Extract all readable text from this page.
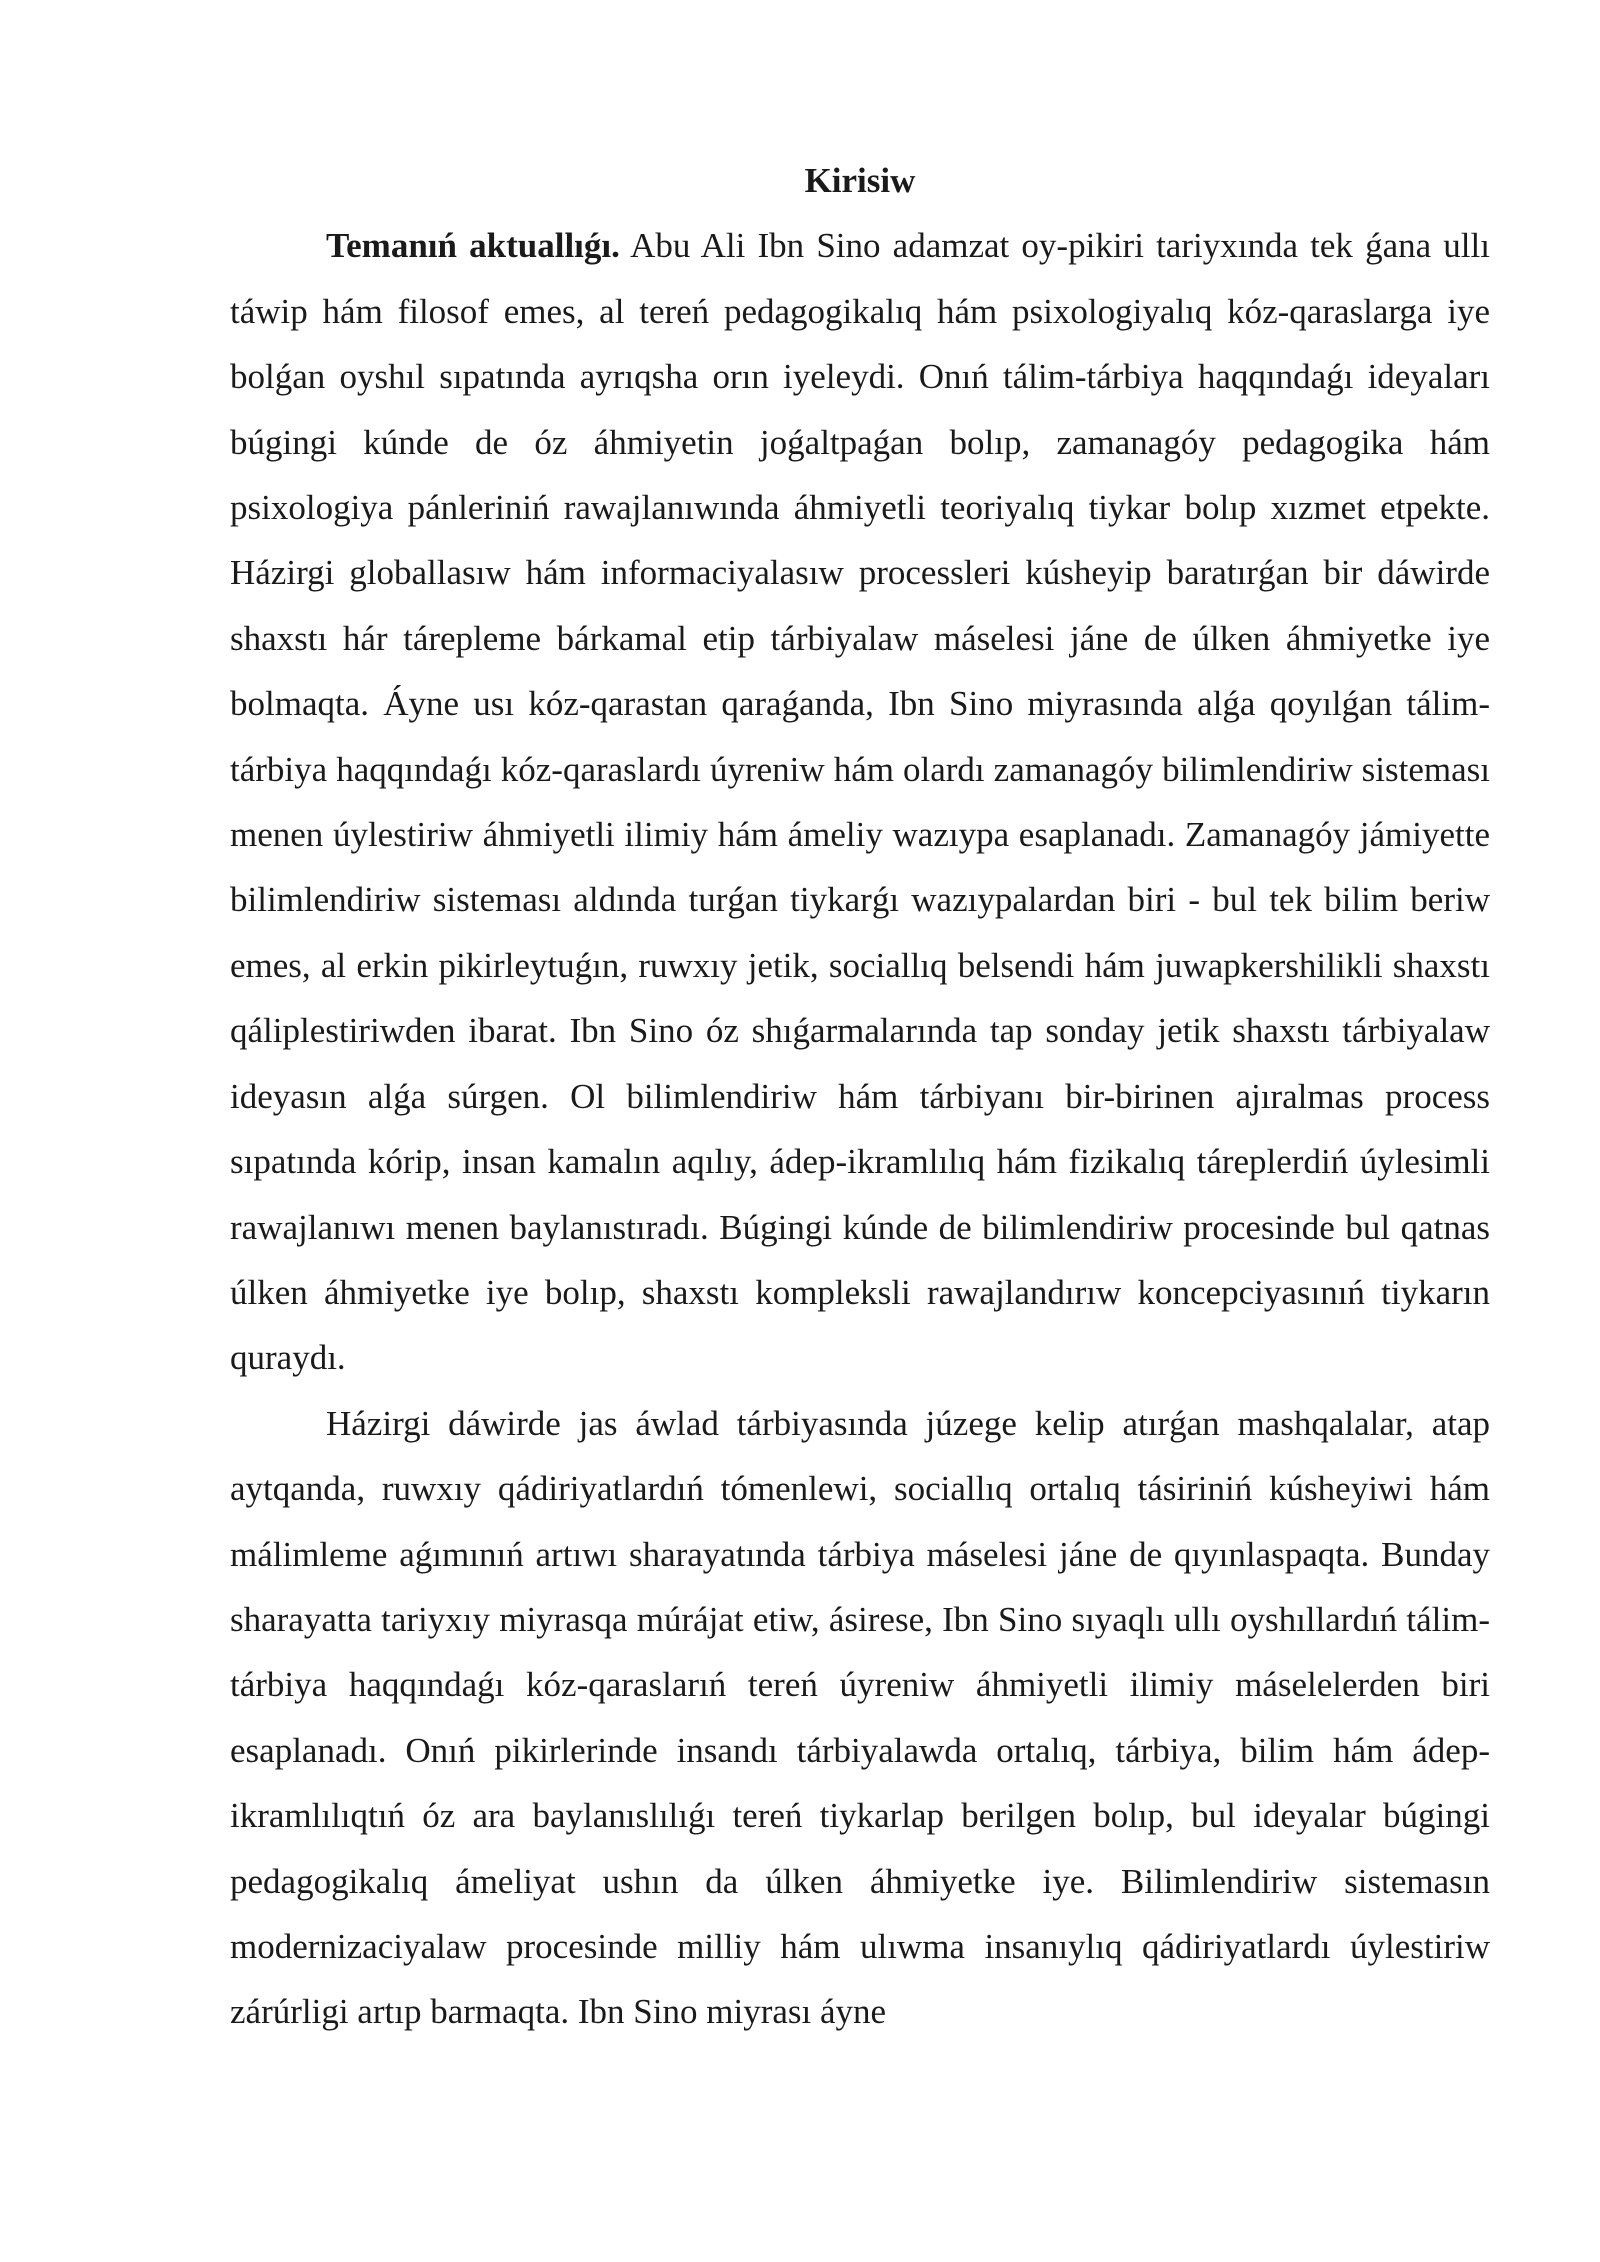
Kirisiw

Temanıń aktuallıǵı. Abu Ali Ibn Sino adamzat oy-pikiri tariyxında tek ǵana ullı táwip hám filosof emes, al tereń pedagogikalıq hám psixologiyalıq kóz-qaraslarga iye bolǵan oyshıl sıpatında ayrıqsha orın iyeleydi. Onıń tálim-tárbiya haqqındaǵı ideyaları búgingi kúnde de óz áhmiyetin joǵaltpaǵan bolıp, zamanagóy pedagogika hám psixologiya pánleriniń rawajlanıwında áhmiyetli teoriyalıq tiykar bolıp xızmet etpekte. Házirgi globallasıw hám informaciyalasıw processleri kúsheyip baratırǵan bir dáwirde shaxstı hár tárepleme bárkamal etip tárbiyalaw máselesi jáne de úlken áhmiyetke iye bolmaqta. Áyne usı kóz-qarastan qaraǵanda, Ibn Sino miyrasında alǵa qoyılǵan tálim-tárbiya haqqındaǵı kóz-qaraslardı úyreniw hám olardı zamanagóy bilimlendiriw sisteması menen úylestiriw áhmiyetli ilimiy hám ámeliy wazıypa esaplanadı. Zamanagóy jámiyette bilimlendiriw sisteması aldında turǵan tiykarǵı wazıypalardan biri - bul tek bilim beriw emes, al erkin pikirleytuǵın, ruwxıy jetik, sociallıq belsendi hám juwapkershilikli shaxstı qáliplestiriwden ibarat. Ibn Sino óz shıǵarmalarında tap sonday jetik shaxstı tárbiyalaw ideyasın alǵa súrgen. Ol bilimlendiriw hám tárbiyanı bir-birinen ajıralmas process sıpatında kórip, insan kamalın aqılıy, ádep-ikramlılıq hám fizikalıq táreplerdiń úylesimli rawajlanıwı menen baylanıstıradı. Búgingi kúnde de bilimlendiriw procesinde bul qatnas úlken áhmiyetke iye bolıp, shaxstı kompleksli rawajlandırıw koncepciyasınıń tiykarın quraydı.

Házirgi dáwirde jas áwlad tárbiyasında júzege kelip atırǵan mashqalalar, atap aytqanda, ruwxıy qádiriyatlardıń tómenlewi, sociallıq ortalıq tásiriniń kúsheyiwi hám málimleme aǵımınıń artıwı sharayatında tárbiya máselesi jáne de qıyınlaspaqta. Bunday sharayatta tariyxıy miyrasqa múrájat etiw, ásirese, Ibn Sino sıyaqlı ullı oyshıllardıń tálim-tárbiya haqqındaǵı kóz-qaraslarıń tereń úyreniw áhmiyetli ilimiy máselelerden biri esaplanadı. Onıń pikirlerinde insandı tárbiyalawda ortalıq, tárbiya, bilim hám ádep-ikramlılıqtıń óz ara baylanıslılıǵı tereń tiykarlap berilgen bolıp, bul ideyalar búgingi pedagogikalıq ámeliyat ushın da úlken áhmiyetke iye. Bilimlendiriw sistemasın modernizaciyalaw procesinde milliy hám ulıwma insanıylıq qádiriyatlardı úylestiriw zárúrligi artıp barmaqta. Ibn Sino miyrası áyne
